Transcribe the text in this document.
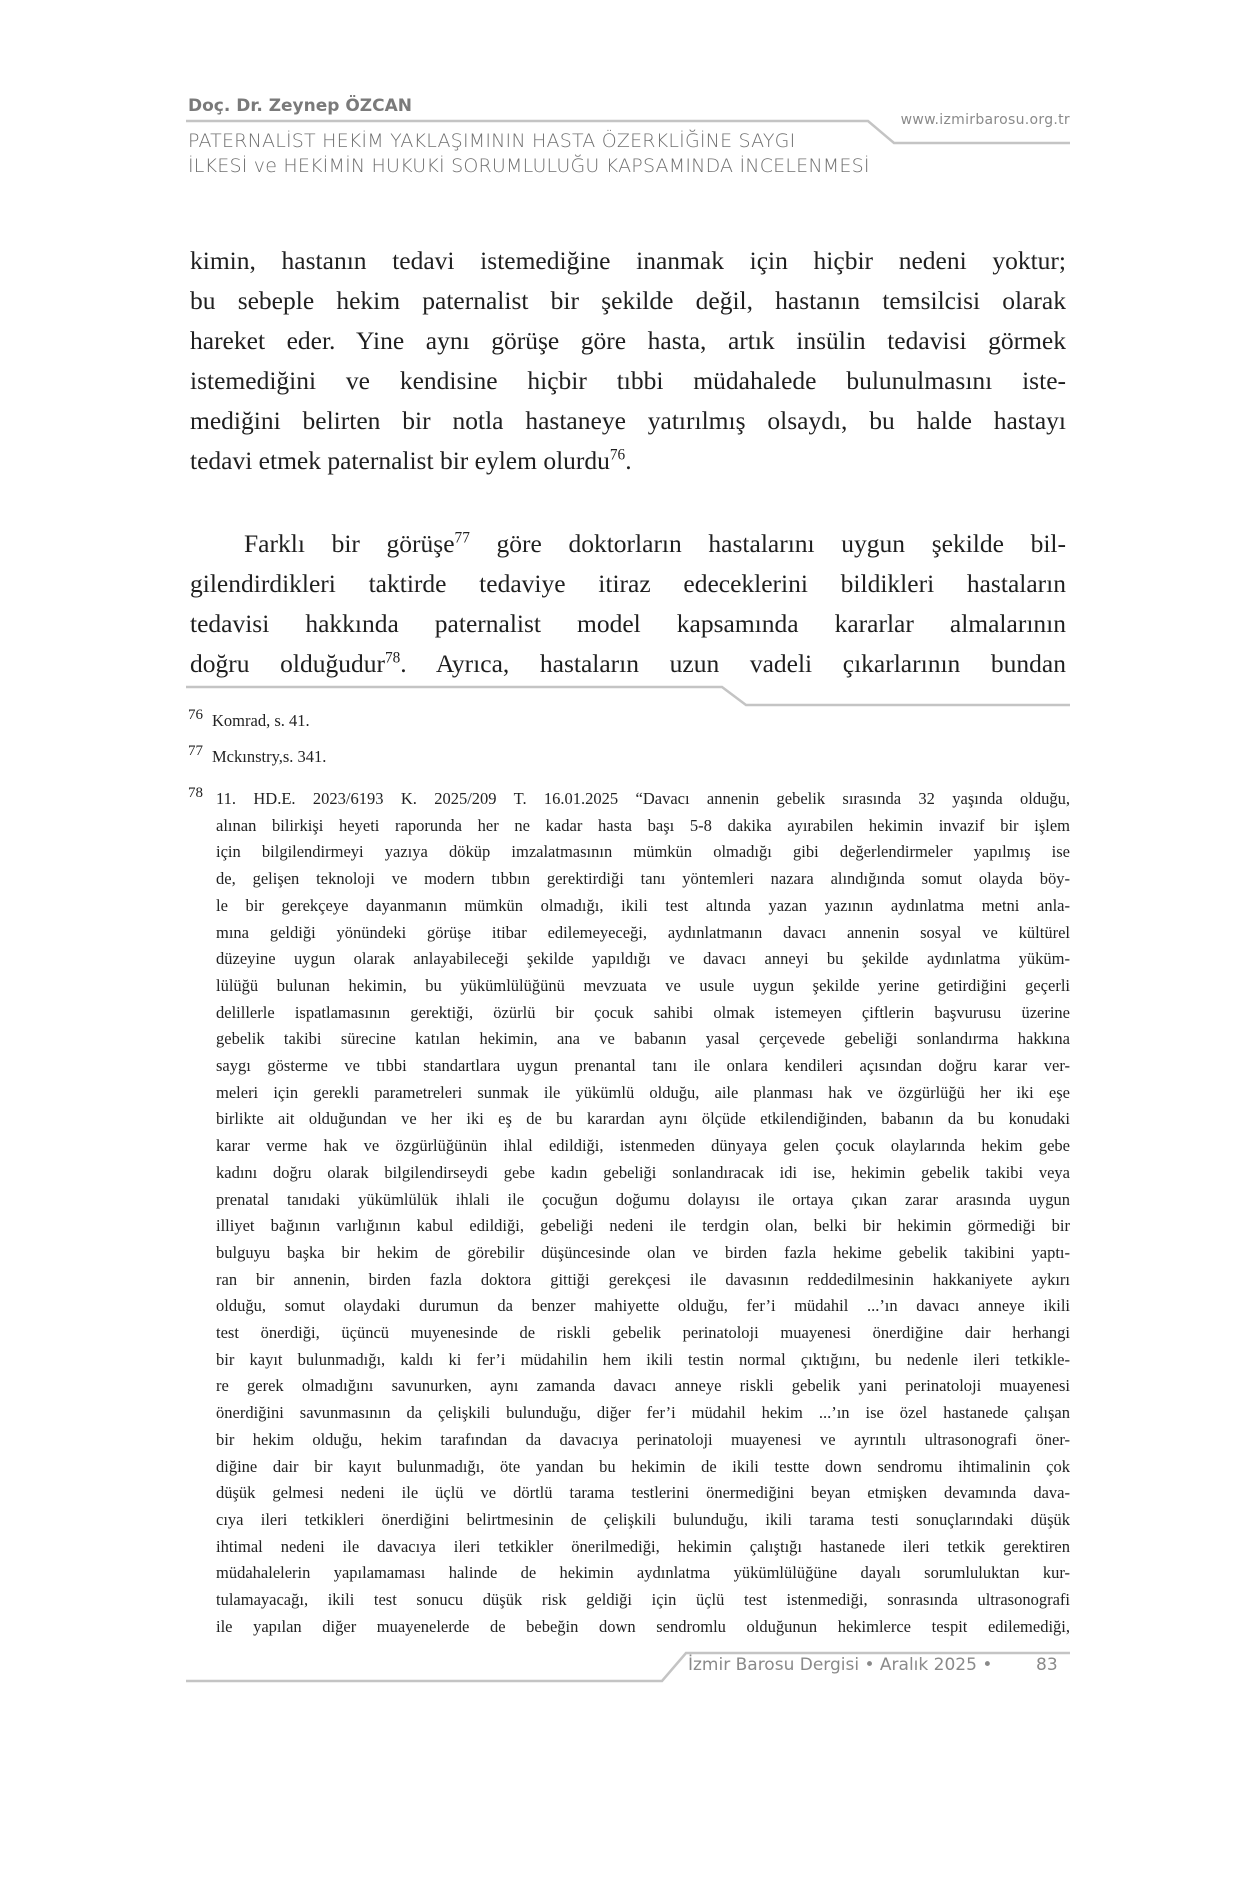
Doç. Dr. Zeynep ÖZCAN
www.izmirbarosu.org.tr
PATERNALİST HEKİM YAKLAŞIMININ HASTA ÖZERKLİĞİNE SAYGI
İLKESİ ve HEKİMİN HUKUKİ SORUMLULUĞU KAPSAMINDA İNCELENMESİ
kimin, hastanın tedavi istemediğine inanmak için hiçbir nedeni yoktur;
bu sebeple hekim paternalist bir şekilde değil, hastanın temsilcisi olarak
hareket eder. Yine aynı görüşe göre hasta, artık insülin tedavisi görmek
istemediğini ve kendisine hiçbir tıbbi müdahalede bulunulmasını iste-
mediğini belirten bir notla hastaneye yatırılmış olsaydı, bu halde hastayı
tedavi etmek paternalist bir eylem olurdu$^{76}$.
Farklı bir görüşe$^{77}$ göre doktorların hastalarını uygun şekilde bil-
gilendirdikleri taktirde tedaviye itiraz edeceklerini bildikleri hastaların
tedavisi hakkında paternalist model kapsamında kararlar almalarının
doğru olduğudur$^{78}$. Ayrıca, hastaların uzun vadeli çıkarlarının bundan
76 Komrad, s. 41.
77 Mckınstry,s. 341.
78 11. HD.E. 2023/6193 K. 2025/209 T. 16.01.2025 “Davacı annenin gebelik sırasında 32 yaşında olduğu,
alınan bilirkişi heyeti raporunda her ne kadar hasta başı 5-8 dakika ayırabilen hekimin invazif bir işlem
için bilgilendirmeyi yazıya döküp imzalatmasının mümkün olmadığı gibi değerlendirmeler yapılmış ise
de, gelişen teknoloji ve modern tıbbın gerektirdiği tanı yöntemleri nazara alındığında somut olayda böy-
le bir gerekçeye dayanmanın mümkün olmadığı, ikili test altında yazan yazının aydınlatma metni anla-
mına geldiği yönündeki görüşe itibar edilemeyeceği, aydınlatmanın davacı annenin sosyal ve kültürel
düzeyine uygun olarak anlayabileceği şekilde yapıldığı ve davacı anneyi bu şekilde aydınlatma yüküm-
lülüğü bulunan hekimin, bu yükümlülüğünü mevzuata ve usule uygun şekilde yerine getirdiğini geçerli
delillerle ispatlamasının gerektiği, özürlü bir çocuk sahibi olmak istemeyen çiftlerin başvurusu üzerine
gebelik takibi sürecine katılan hekimin, ana ve babanın yasal çerçevede gebeliği sonlandırma hakkına
saygı gösterme ve tıbbi standartlara uygun prenantal tanı ile onlara kendileri açısından doğru karar ver-
meleri için gerekli parametreleri sunmak ile yükümlü olduğu, aile planması hak ve özgürlüğü her iki eşe
birlikte ait olduğundan ve her iki eş de bu karardan aynı ölçüde etkilendiğinden, babanın da bu konudaki
karar verme hak ve özgürlüğünün ihlal edildiği, istenmeden dünyaya gelen çocuk olaylarında hekim gebe
kadını doğru olarak bilgilendirseydi gebe kadın gebeliği sonlandıracak idi ise, hekimin gebelik takibi veya
prenatal tanıdaki yükümlülük ihlali ile çocuğun doğumu dolayısı ile ortaya çıkan zarar arasında uygun
illiyet bağının varlığının kabul edildiği, gebeliği nedeni ile terdgin olan, belki bir hekimin görmediği bir
bulguyu başka bir hekim de görebilir düşüncesinde olan ve birden fazla hekime gebelik takibini yaptı-
ran bir annenin, birden fazla doktora gittiği gerekçesi ile davasının reddedilmesinin hakkaniyete aykırı
olduğu, somut olaydaki durumun da benzer mahiyette olduğu, fer’i müdahil ...’ın davacı anneye ikili
test önerdiği, üçüncü muyenesinde de riskli gebelik perinatoloji muayenesi önerdiğine dair herhangi
bir kayıt bulunmadığı, kaldı ki fer’i müdahilin hem ikili testin normal çıktığını, bu nedenle ileri tetkikle-
re gerek olmadığını savunurken, aynı zamanda davacı anneye riskli gebelik yani perinatoloji muayenesi
önerdiğini savunmasının da çelişkili bulunduğu, diğer fer’i müdahil hekim ...’ın ise özel hastanede çalışan
bir hekim olduğu, hekim tarafından da davacıya perinatoloji muayenesi ve ayrıntılı ultrasonografi öner-
diğine dair bir kayıt bulunmadığı, öte yandan bu hekimin de ikili testte down sendromu ihtimalinin çok
düşük gelmesi nedeni ile üçlü ve dörtlü tarama testlerini önermediğini beyan etmişken devamında dava-
cıya ileri tetkikleri önerdiğini belirtmesinin de çelişkili bulunduğu, ikili tarama testi sonuçlarındaki düşük
ihtimal nedeni ile davacıya ileri tetkikler önerilmediği, hekimin çalıştığı hastanede ileri tetkik gerektiren
müdahalelerin yapılamaması halinde de hekimin aydınlatma yükümlülüğüne dayalı sorumluluktan kur-
tulamayacağı, ikili test sonucu düşük risk geldiği için üçlü test istenmediği, sonrasında ultrasonografi
ile yapılan diğer muayenelerde de bebeğin down sendromlu olduğunun hekimlerce tespit edilemediği,
İzmir Barosu Dergisi • Aralık 2025 •	83
